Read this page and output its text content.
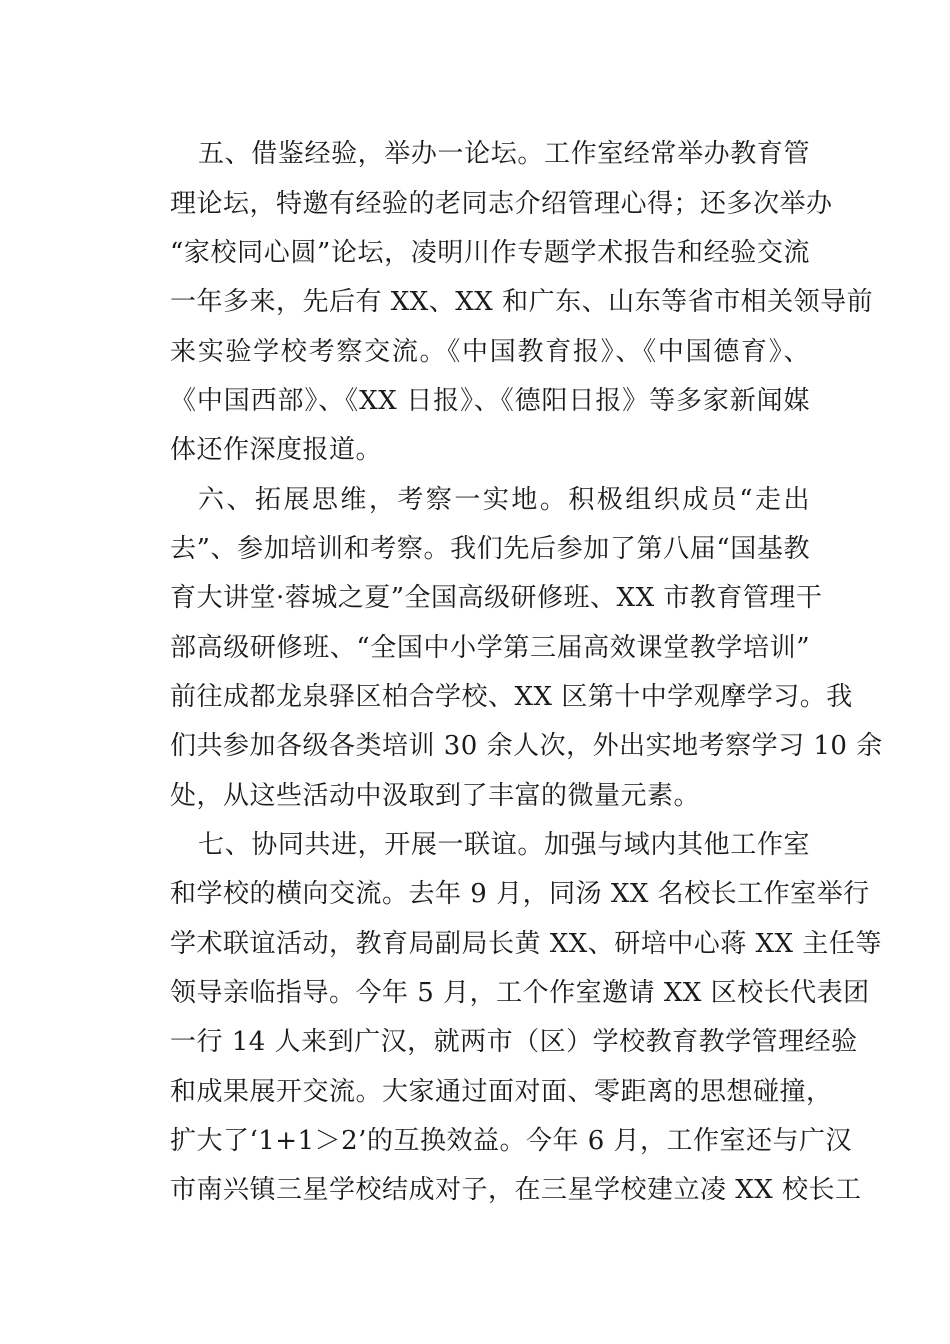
五、借鉴经验，举办一论坛。工作室经常举办教育管
理论坛，特邀有经验的老同志介绍管理心得；还多次举办
“家校同心圆”论坛，凌明川作专题学术报告和经验交流
一年多来，先后有 XX、XX 和广东、山东等省市相关领导前
来实验学校考察交流。《中国教育报》、《中国德育》、
《中国西部》、《XX 日报》、《德阳日报》等多家新闻媒
体还作深度报道。
六、拓展思维，考察一实地。积极组织成员“走出
去”、参加培训和考察。我们先后参加了第八届“国基教
育大讲堂·蓉城之夏”全国高级研修班、XX 市教育管理干
部高级研修班、“全国中小学第三届高效课堂教学培训”
前往成都龙泉驿区柏合学校、XX 区第十中学观摩学习。我
们共参加各级各类培训 30 余人次，外出实地考察学习 10 余
处，从这些活动中汲取到了丰富的微量元素。
七、协同共进，开展一联谊。加强与域内其他工作室
和学校的横向交流。去年 9 月，同汤 XX 名校长工作室举行
学术联谊活动，教育局副局长黄 XX、研培中心蒋 XX 主任等
领导亲临指导。今年 5 月，工个作室邀请 XX 区校长代表团
一行 14 人来到广汉，就两市（区）学校教育教学管理经验
和成果展开交流。大家通过面对面、零距离的思想碰撞，
扩大了‘1+1＞2’的互换效益。今年 6 月，工作室还与广汉
市南兴镇三星学校结成对子，在三星学校建立凌 XX 校长工
